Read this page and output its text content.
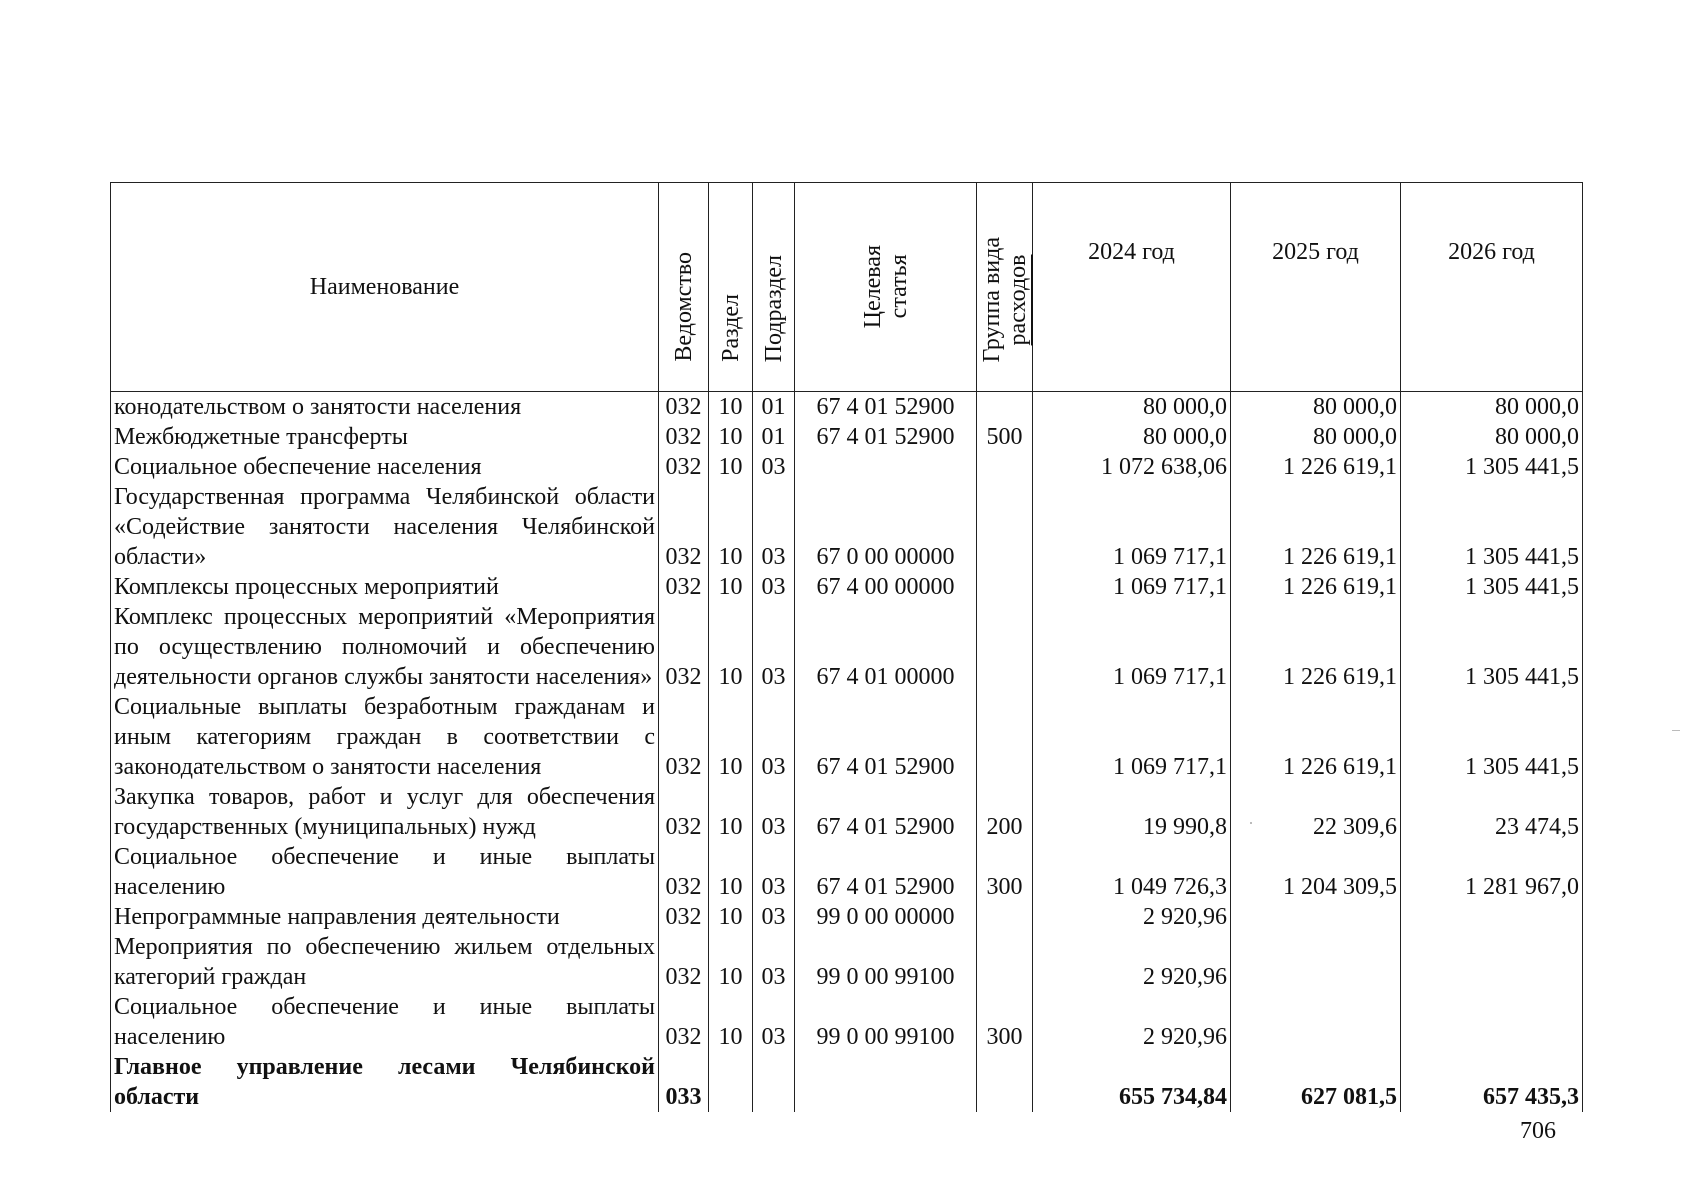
Наименование	Ведомство	Раздел	Подраздел	Целевая статья	Группа вида расходов	2024 год	2025 год	2026 год
конодательством о занятости населения	032	10	01	67 4 01 52900		80 000,0	80 000,0	80 000,0
Межбюджетные трансферты	032	10	01	67 4 01 52900	500	80 000,0	80 000,0	80 000,0
Социальное обеспечение населения	032	10	03			1 072 638,06	1 226 619,1	1 305 441,5
Государственная программа Челябинской области «Содействие занятости населения Челябинской области»	032	10	03	67 0 00 00000		1 069 717,1	1 226 619,1	1 305 441,5
Комплексы процессных мероприятий	032	10	03	67 4 00 00000		1 069 717,1	1 226 619,1	1 305 441,5
Комплекс процессных мероприятий «Мероприятия по осуществлению полномочий и обеспечению деятельности органов службы занятости населения»	032	10	03	67 4 01 00000		1 069 717,1	1 226 619,1	1 305 441,5
Социальные выплаты безработным гражданам и иным категориям граждан в соответствии с законодательством о занятости населения	032	10	03	67 4 01 52900		1 069 717,1	1 226 619,1	1 305 441,5
Закупка товаров, работ и услуг для обеспечения государственных (муниципальных) нужд	032	10	03	67 4 01 52900	200	19 990,8	22 309,6	23 474,5
Социальное обеспечение и иные выплаты населению	032	10	03	67 4 01 52900	300	1 049 726,3	1 204 309,5	1 281 967,0
Непрограммные направления деятельности	032	10	03	99 0 00 00000		2 920,96		
Мероприятия по обеспечению жильем отдельных категорий граждан	032	10	03	99 0 00 99100		2 920,96		
Социальное обеспечение и иные выплаты населению	032	10	03	99 0 00 99100	300	2 920,96		
Главное управление лесами Челябинской области	033					655 734,84	627 081,5	657 435,3
706
